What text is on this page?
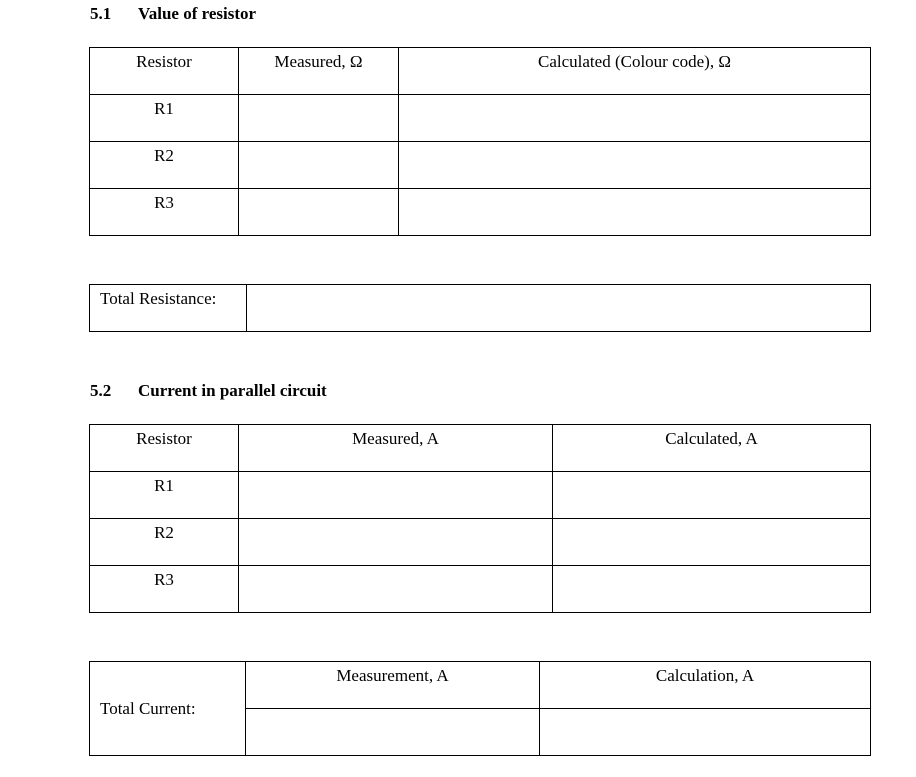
5.1 Value of resistor
Resistor	Measured, Ω	Calculated (Colour code), Ω
R1		
R2		
R3		
Total Resistance:	
5.2 Current in parallel circuit
Resistor	Measured, A	Calculated, A
R1		
R2		
R3		
Total Current:	Measurement, A	Calculation, A
